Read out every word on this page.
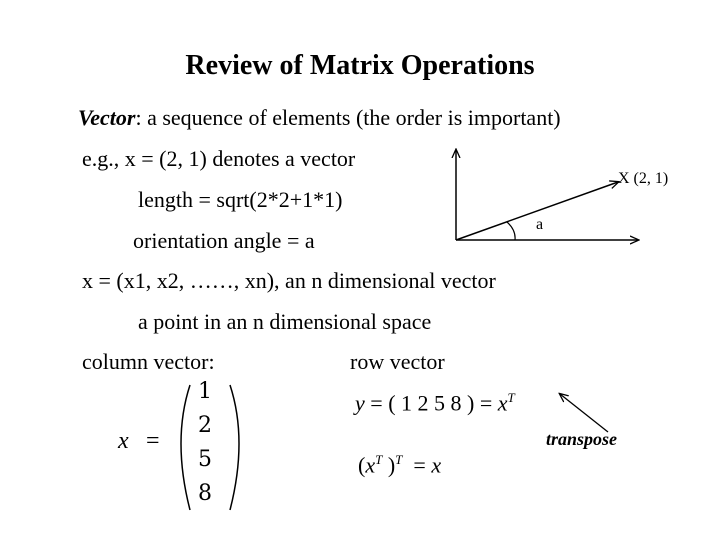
Review of Matrix Operations
Vector: a sequence of elements (the order is important)
e.g., x = (2, 1) denotes a vector
length = sqrt(2*2+1*1)
orientation angle = a
x = (x1, x2, ……, xn), an n dimensional vector
a point in an n dimensional space
column vector:	row vector
X (2, 1)
a
x =
1
2
5
8
y = ( 1 2 5 8 ) = $x^T$
transpose
($x^T$ )$^T$ = x
